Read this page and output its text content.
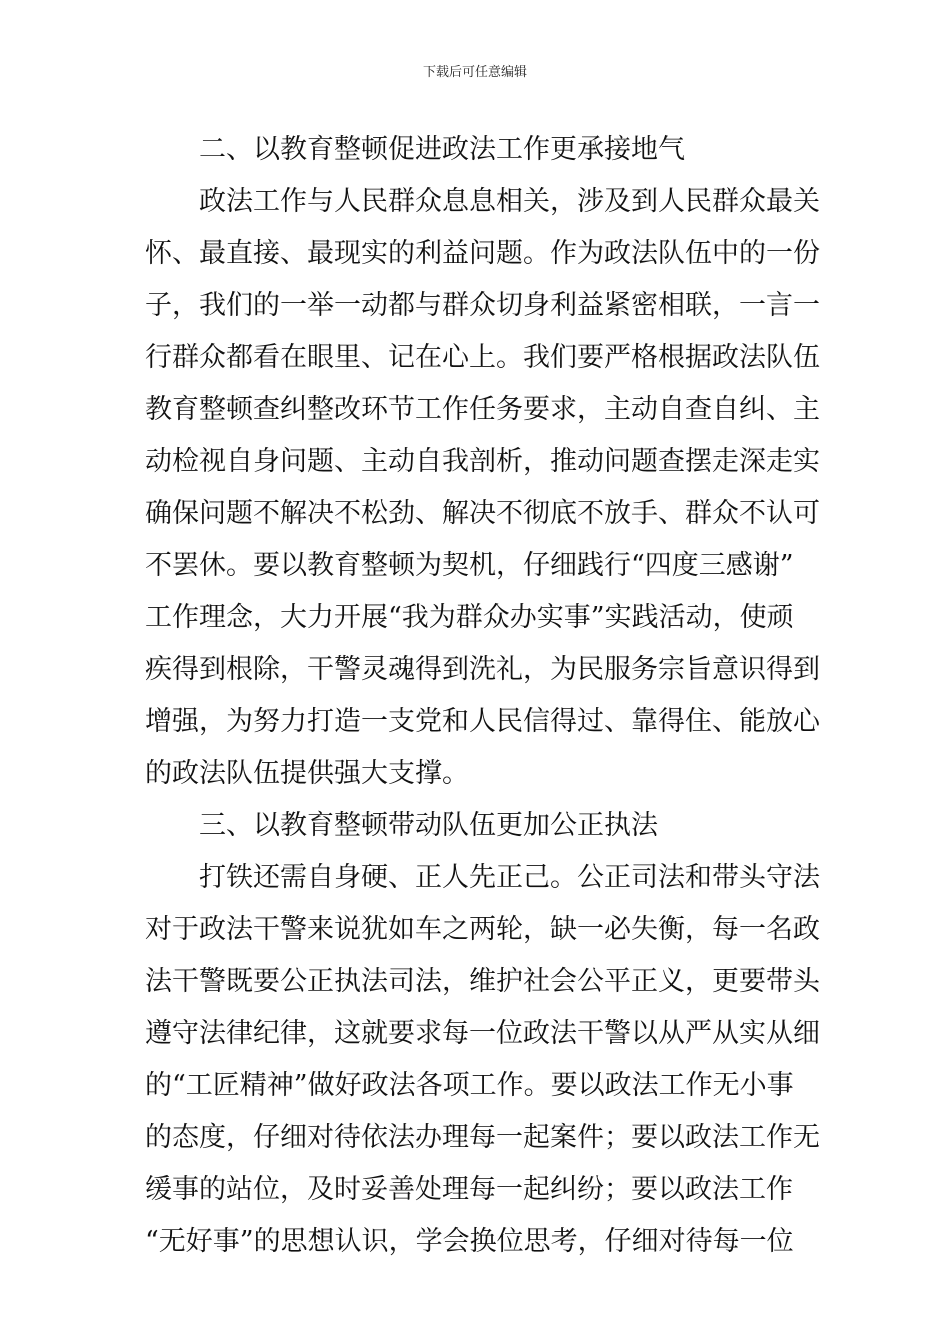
下载后可任意编辑
二、以教育整顿促进政法工作更承接地气
政法工作与人民群众息息相关，涉及到人民群众最关
怀、最直接、最现实的利益问题。作为政法队伍中的一份
子，我们的一举一动都与群众切身利益紧密相联，一言一
行群众都看在眼里、记在心上。我们要严格根据政法队伍
教育整顿查纠整改环节工作任务要求，主动自查自纠、主
动检视自身问题、主动自我剖析，推动问题查摆走深走实
确保问题不解决不松劲、解决不彻底不放手、群众不认可
不罢休。要以教育整顿为契机，仔细践行“四度三感谢”
工作理念，大力开展“我为群众办实事”实践活动，使顽
疾得到根除，干警灵魂得到洗礼，为民服务宗旨意识得到
增强，为努力打造一支党和人民信得过、靠得住、能放心
的政法队伍提供强大支撑。
三、以教育整顿带动队伍更加公正执法
打铁还需自身硬、正人先正己。公正司法和带头守法
对于政法干警来说犹如车之两轮，缺一必失衡，每一名政
法干警既要公正执法司法，维护社会公平正义，更要带头
遵守法律纪律，这就要求每一位政法干警以从严从实从细
的“工匠精神”做好政法各项工作。要以政法工作无小事
的态度，仔细对待依法办理每一起案件；要以政法工作无
缓事的站位，及时妥善处理每一起纠纷；要以政法工作
“无好事”的思想认识，学会换位思考，仔细对待每一位
